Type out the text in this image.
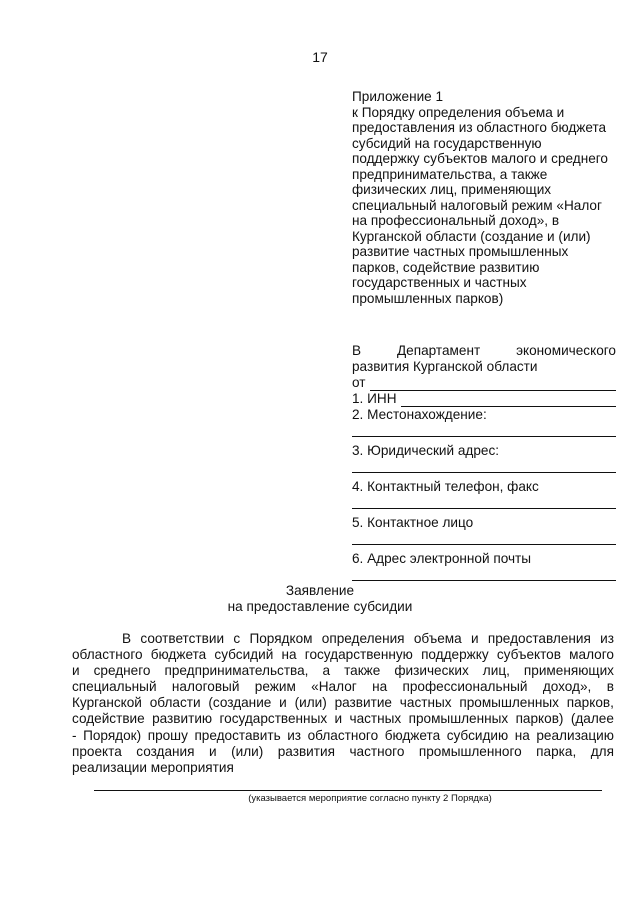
17
Приложение 1
к Порядку определения объема и
предоставления из областного бюджета
субсидий на государственную
поддержку субъектов малого и среднего
предпринимательства, а также
физических лиц, применяющих
специальный налоговый режим «Налог
на профессиональный доход», в
Курганской области (создание и (или)
развитие частных промышленных
парков, содействие развитию
государственных и частных
промышленных парков)
В	Департамент	экономического
развития Курганской области
от
1. ИНН
2. Местонахождение:
3. Юридический адрес:
4. Контактный телефон, факс
5. Контактное лицо
6. Адрес электронной почты
Заявление
на предоставление субсидии
В соответствии с Порядком определения объема и предоставления из
областного бюджета субсидий на государственную поддержку субъектов малого
и среднего предпринимательства, а также физических лиц, применяющих
специальный налоговый режим «Налог на профессиональный доход», в
Курганской области (создание и (или) развитие частных промышленных парков,
содействие развитию государственных и частных промышленных парков) (далее
- Порядок) прошу предоставить из областного бюджета субсидию на реализацию
проекта создания и (или) развития частного промышленного парка, для
реализации мероприятия
(указывается мероприятие согласно пункту 2 Порядка)
